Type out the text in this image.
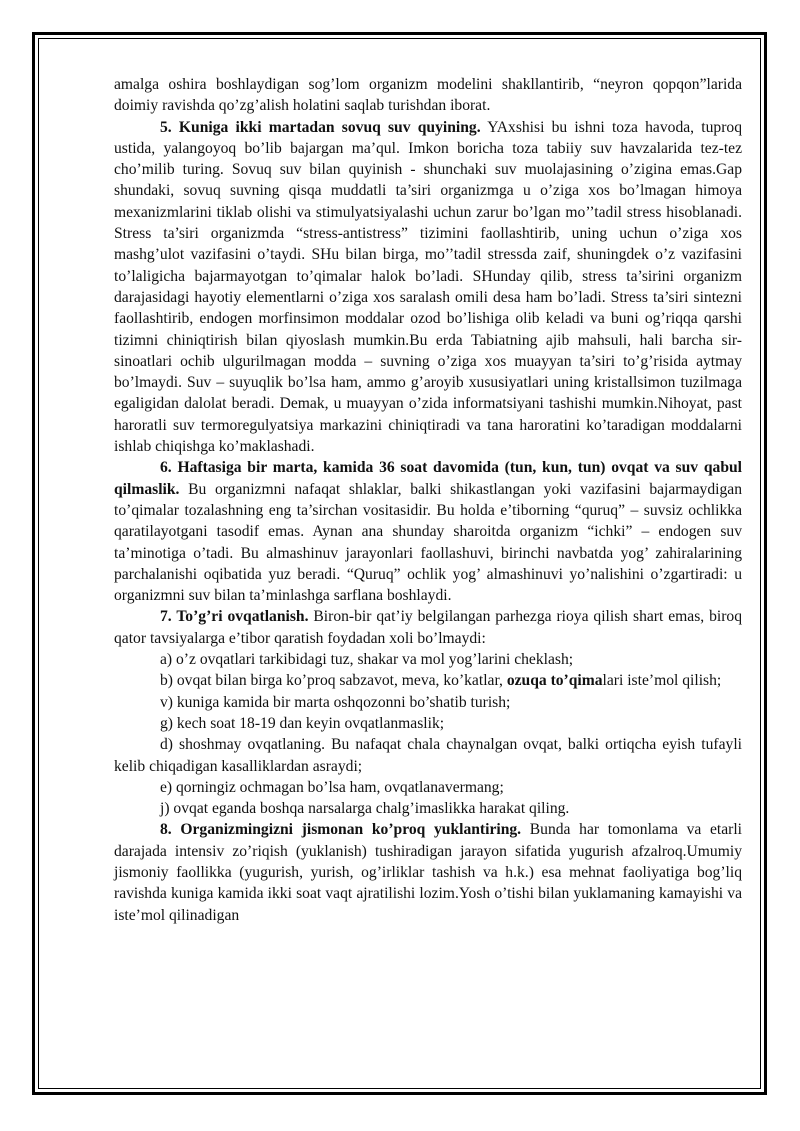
amalga oshira boshlaydigan sog’lom organizm modelini shakllantirib, “neyron qopqon”larida doimiy ravishda qo’zg’alish holatini saqlab turishdan iborat.

5. Kuniga ikki martadan sovuq suv quyining. YAxshisi bu ishni toza havoda, tuproq ustida, yalangoyoq bo’lib bajargan ma’qul. Imkon boricha toza tabiiy suv havzalarida tez-tez cho’milib turing. Sovuq suv bilan quyinish - shunchaki suv muolajasining o’zigina emas.Gap shundaki, sovuq suvning qisqa muddatli ta’siri organizmga u o’ziga xos bo’lmagan himoya mexanizmlarini tiklab olishi va stimulyatsiyalashi uchun zarur bo’lgan mo’’tadil stress hisoblanadi. Stress ta’siri organizmda “stress-antistress” tizimini faollashtirib, uning uchun o’ziga xos mashg’ulot vazifasini o’taydi. SHu bilan birga, mo’’tadil stressda zaif, shuningdek o’z vazifasini to’laligicha bajarmayotgan to’qimalar halok bo’ladi. SHunday qilib, stress ta’sirini organizm darajasidagi hayotiy elementlarni o’ziga xos saralash omili desa ham bo’ladi. Stress ta’siri sintezni faollashtirib, endogen morfinsimon moddalar ozod bo’lishiga olib keladi va buni og’riqqa qarshi tizimni chiniqtirish bilan qiyoslash mumkin.Bu erda Tabiatning ajib mahsuli, hali barcha sir-sinoatlari ochib ulgurilmagan modda – suvning o’ziga xos muayyan ta’siri to’g’risida aytmay bo’lmaydi. Suv – suyuqlik bo’lsa ham, ammo g’aroyib xususiyatlari uning kristallsimon tuzilmaga egaligidan dalolat beradi. Demak, u muayyan o’zida informatsiyani tashishi mumkin.Nihoyat, past haroratli suv termoregulyatsiya markazini chiniqtiradi va tana haroratini ko’taradigan moddalarni ishlab chiqishga ko’maklashadi.

6. Haftasiga bir marta, kamida 36 soat davomida (tun, kun, tun) ovqat va suv qabul qilmaslik. Bu organizmni nafaqat shlaklar, balki shikastlangan yoki vazifasini bajarmaydigan to’qimalar tozalashning eng ta’sirchan vositasidir. Bu holda e’tiborning “quruq” – suvsiz ochlikka qaratilayotgani tasodif emas. Aynan ana shunday sharoitda organizm “ichki” – endogen suv ta’minotiga o’tadi. Bu almashinuv jarayonlari faollashuvi, birinchi navbatda yog’ zahiralarining parchalanishi oqibatida yuz beradi. “Quruq” ochlik yog’ almashinuvi yo’nalishini o’zgartiradi: u organizmni suv bilan ta’minlashga sarflana boshlaydi.

7. To’g’ri ovqatlanish. Biron-bir qat’iy belgilangan parhezga rioya qilish shart emas, biroq qator tavsiyalarga e’tibor qaratish foydadan xoli bo’lmaydi:

a) o’z ovqatlari tarkibidagi tuz, shakar va mol yog’larini cheklash;

b) ovqat bilan birga ko’proq sabzavot, meva, ko’katlar, ozuqa to’qimalari iste’mol qilish;

v) kuniga kamida bir marta oshqozonni bo’shatib turish;

g) kech soat 18-19 dan keyin ovqatlanmaslik;

d) shoshmay ovqatlaning. Bu nafaqat chala chaynalgan ovqat, balki ortiqcha eyish tufayli kelib chiqadigan kasalliklardan asraydi;

e) qorningiz ochmagan bo’lsa ham, ovqatlanavermang;

j) ovqat eganda boshqa narsalarga chalg’imaslikka harakat qiling.

8. Organizmingizni jismonan ko’proq yuklantiring. Bunda har tomonlama va etarli darajada intensiv zo’riqish (yuklanish) tushiradigan jarayon sifatida yugurish afzalroq.Umumiy jismoniy faollikka (yugurish, yurish, og’irliklar tashish va h.k.) esa mehnat faoliyatiga bog’liq ravishda kuniga kamida ikki soat vaqt ajratilishi lozim.Yosh o’tishi bilan yuklamaning kamayishi va iste’mol qilinadigan
